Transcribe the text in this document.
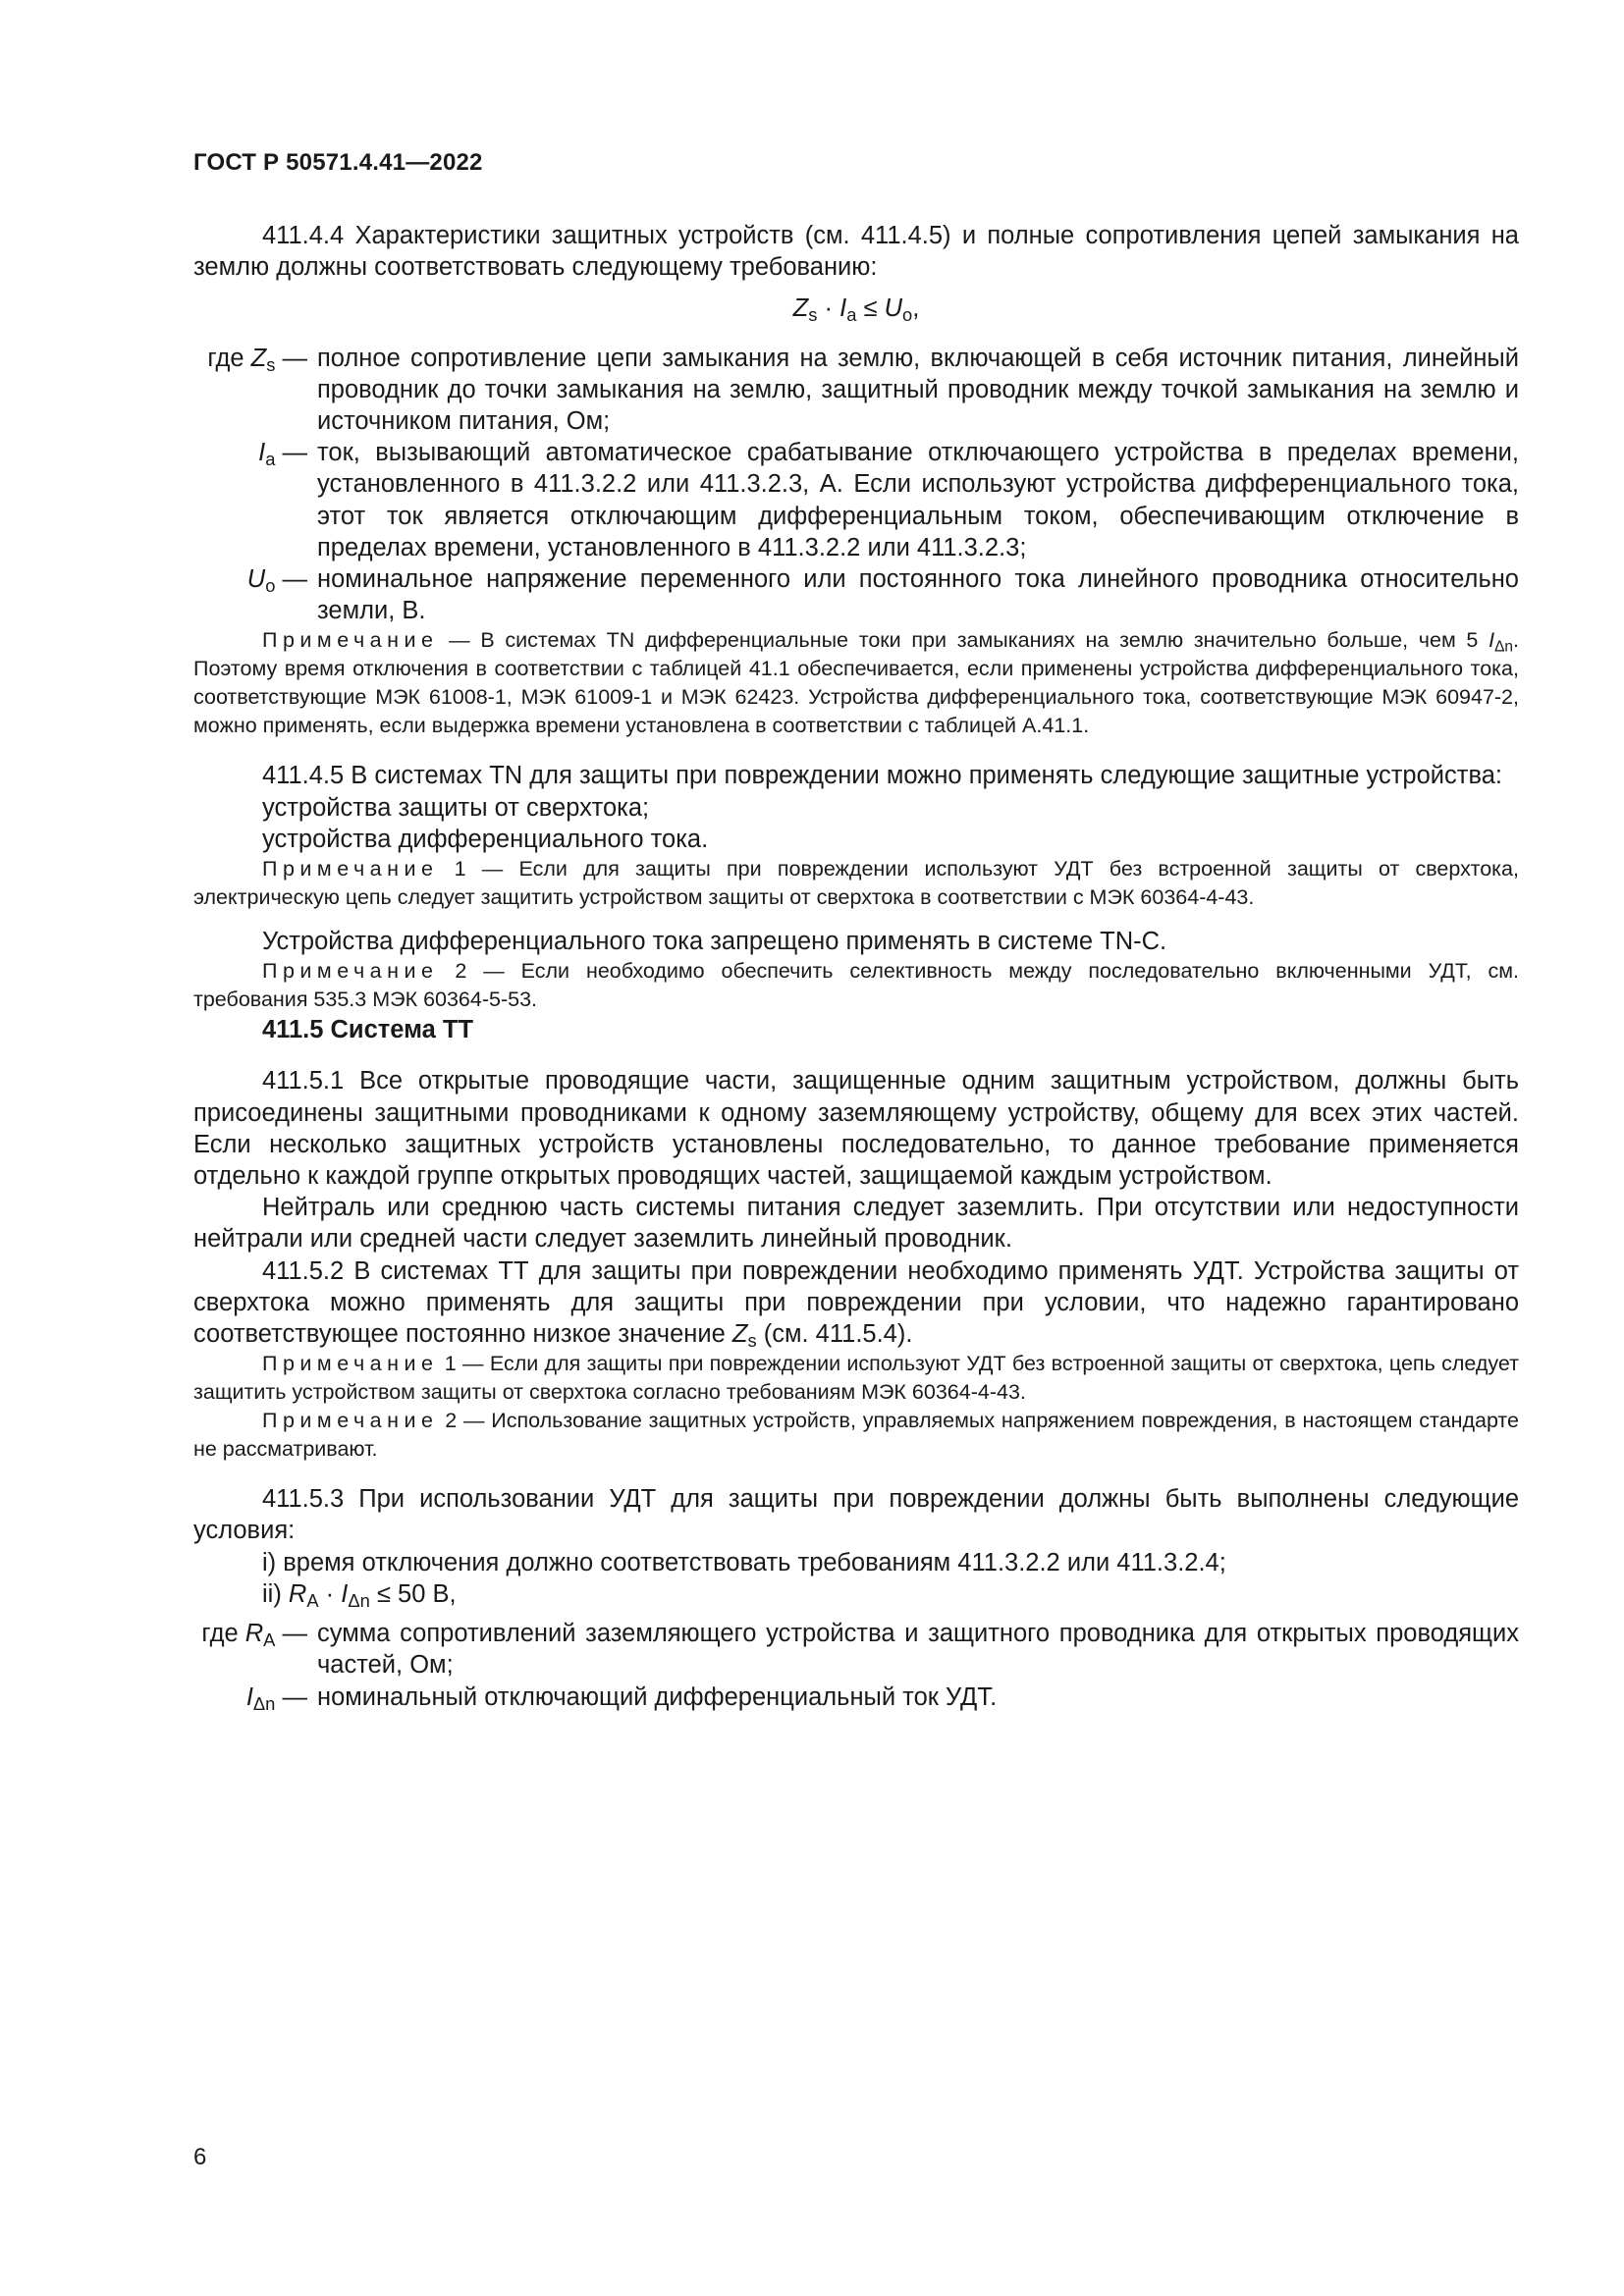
ГОСТ Р 50571.4.41—2022

411.4.4 Характеристики защитных устройств (см. 411.4.5) и полные сопротивления цепей замыкания на землю должны соответствовать следующему требованию:

$Z_s \cdot I_a \le U_o$,
где $Z_s$ — полное сопротивление цепи замыкания на землю, включающей в себя источник питания, линейный проводник до точки замыкания на землю, защитный проводник между точкой замыкания на землю и источником питания, Ом;
$I_a$ — ток, вызывающий автоматическое срабатывание отключающего устройства в пределах времени, установленного в 411.3.2.2 или 411.3.2.3, А. Если используют устройства дифференциального тока, этот ток является отключающим дифференциальным током, обеспечивающим отключение в пределах времени, установленного в 411.3.2.2 или 411.3.2.3;
$U_o$ — номинальное напряжение переменного или постоянного тока линейного проводника относительно земли, В.

Примечание — В системах TN дифференциальные токи при замыканиях на землю значительно больше, чем 5 $I_{\Delta n}$. Поэтому время отключения в соответствии с таблицей 41.1 обеспечивается, если применены устройства дифференциального тока, соответствующие МЭК 61008-1, МЭК 61009-1 и МЭК 62423. Устройства дифференциального тока, соответствующие МЭК 60947-2, можно применять, если выдержка времени установлена в соответствии с таблицей А.41.1.

411.4.5 В системах TN для защиты при повреждении можно применять следующие защитные устройства:

устройства защиты от сверхтока;

устройства дифференциального тока.

Примечание 1 — Если для защиты при повреждении используют УДТ без встроенной защиты от сверхтока, электрическую цепь следует защитить устройством защиты от сверхтока в соответствии с МЭК 60364-4-43.

Устройства дифференциального тока запрещено применять в системе TN-C.

Примечание 2 — Если необходимо обеспечить селективность между последовательно включенными УДТ, см. требования 535.3 МЭК 60364-5-53.

411.5 Система ТТ

411.5.1 Все открытые проводящие части, защищенные одним защитным устройством, должны быть присоединены защитными проводниками к одному заземляющему устройству, общему для всех этих частей. Если несколько защитных устройств установлены последовательно, то данное требование применяется отдельно к каждой группе открытых проводящих частей, защищаемой каждым устройством.

Нейтраль или среднюю часть системы питания следует заземлить. При отсутствии или недоступности нейтрали или средней части следует заземлить линейный проводник.

411.5.2 В системах ТТ для защиты при повреждении необходимо применять УДТ. Устройства защиты от сверхтока можно применять для защиты при повреждении при условии, что надежно гарантировано соответствующее постоянно низкое значение $Z_s$ (см. 411.5.4).

Примечание 1 — Если для защиты при повреждении используют УДТ без встроенной защиты от сверхтока, цепь следует защитить устройством защиты от сверхтока согласно требованиям МЭК 60364-4-43.

Примечание 2 — Использование защитных устройств, управляемых напряжением повреждения, в настоящем стандарте не рассматривают.

411.5.3 При использовании УДТ для защиты при повреждении должны быть выполнены следующие условия:

i) время отключения должно соответствовать требованиям 411.3.2.2 или 411.3.2.4;

ii) $R_A \cdot I_{\Delta n} \le 50$ В,

где $R_A$ — сумма сопротивлений заземляющего устройства и защитного проводника для открытых проводящих частей, Ом;
$I_{\Delta n}$ — номинальный отключающий дифференциальный ток УДТ.
6
